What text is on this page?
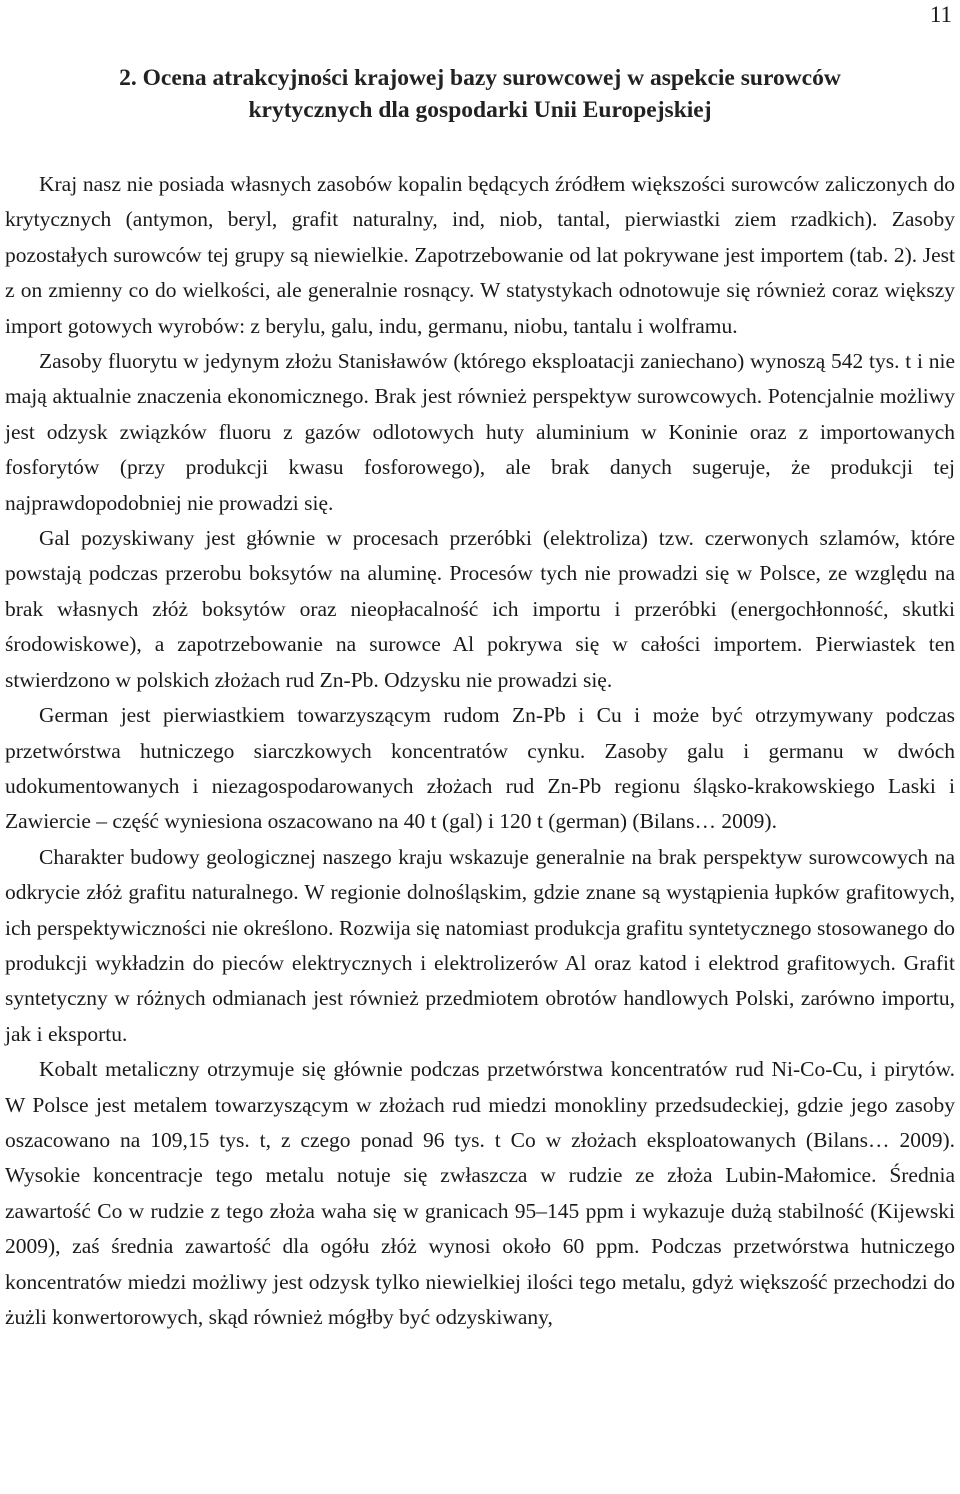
11
2. Ocena atrakcyjności krajowej bazy surowcowej w aspekcie surowców
krytycznych dla gospodarki Unii Europejskiej

Kraj nasz nie posiada własnych zasobów kopalin będących źródłem większości surowców zaliczonych do krytycznych (antymon, beryl, grafit naturalny, ind, niob, tantal, pierwiastki ziem rzadkich). Zasoby pozostałych surowców tej grupy są niewielkie. Zapotrzebowanie od lat pokrywane jest importem (tab. 2). Jest z on zmienny co do wielkości, ale generalnie rosnący. W statystykach odnotowuje się również coraz większy import gotowych wyrobów: z berylu, galu, indu, germanu, niobu, tantalu i wolframu.

Zasoby fluorytu w jedynym złożu Stanisławów (którego eksploatacji zaniechano) wynoszą 542 tys. t i nie mają aktualnie znaczenia ekonomicznego. Brak jest również perspektyw surowcowych. Potencjalnie możliwy jest odzysk związków fluoru z gazów odlotowych huty aluminium w Koninie oraz z importowanych fosforytów (przy produkcji kwasu fosforowego), ale brak danych sugeruje, że produkcji tej najprawdopodobniej nie prowadzi się.

Gal pozyskiwany jest głównie w procesach przeróbki (elektroliza) tzw. czerwonych szlamów, które powstają podczas przerobu boksytów na aluminę. Procesów tych nie prowadzi się w Polsce, ze względu na brak własnych złóż boksytów oraz nieopłacalność ich importu i przeróbki (energochłonność, skutki środowiskowe), a zapotrzebowanie na surowce Al pokrywa się w całości importem. Pierwiastek ten stwierdzono w polskich złożach rud Zn-Pb. Odzysku nie prowadzi się.

German jest pierwiastkiem towarzyszącym rudom Zn-Pb i Cu i może być otrzymywany podczas przetwórstwa hutniczego siarczkowych koncentratów cynku. Zasoby galu i germanu w dwóch udokumentowanych i niezagospodarowanych złożach rud Zn-Pb regionu śląsko-krakowskiego Laski i Zawiercie – część wyniesiona oszacowano na 40 t (gal) i 120 t (german) (Bilans… 2009).

Charakter budowy geologicznej naszego kraju wskazuje generalnie na brak perspektyw surowcowych na odkrycie złóż grafitu naturalnego. W regionie dolnośląskim, gdzie znane są wystąpienia łupków grafitowych, ich perspektywiczności nie określono. Rozwija się natomiast produkcja grafitu syntetycznego stosowanego do produkcji wykładzin do pieców elektrycznych i elektrolizerów Al oraz katod i elektrod grafitowych. Grafit syntetyczny w różnych odmianach jest również przedmiotem obrotów handlowych Polski, zarówno importu, jak i eksportu.

Kobalt metaliczny otrzymuje się głównie podczas przetwórstwa koncentratów rud Ni-Co-Cu, i pirytów. W Polsce jest metalem towarzyszącym w złożach rud miedzi monokliny przedsudeckiej, gdzie jego zasoby oszacowano na 109,15 tys. t, z czego ponad 96 tys. t Co w złożach eksploatowanych (Bilans… 2009). Wysokie koncentracje tego metalu notuje się zwłaszcza w rudzie ze złoża Lubin-Małomice. Średnia zawartość Co w rudzie z tego złoża waha się w granicach 95–145 ppm i wykazuje dużą stabilność (Kijewski 2009), zaś średnia zawartość dla ogółu złóż wynosi około 60 ppm. Podczas przetwórstwa hutniczego koncentratów miedzi możliwy jest odzysk tylko niewielkiej ilości tego metalu, gdyż większość przechodzi do żużli konwertorowych, skąd również mógłby być odzyskiwany,
